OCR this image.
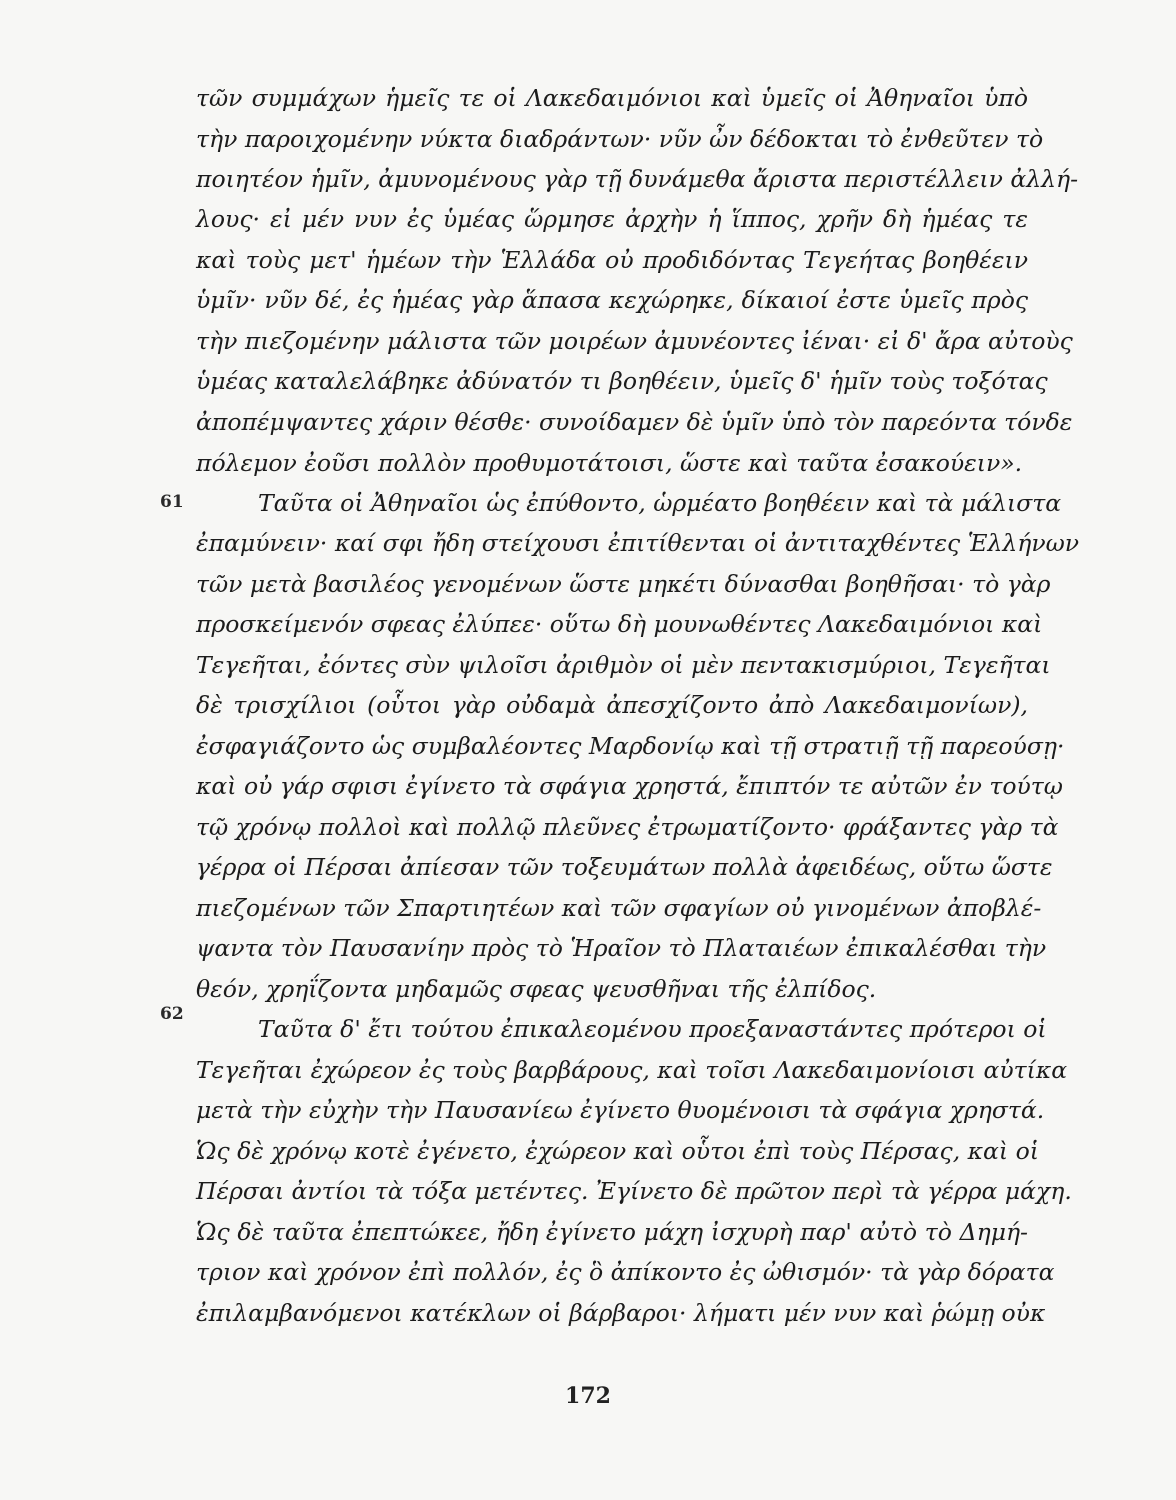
τῶν συμμάχων ἡμεῖς τε οἱ Λακεδαιμόνιοι καὶ ὑμεῖς οἱ Ἀθηναῖοι ὑπὸ
τὴν παροιχομένην νύκτα διαδράντων· νῦν ὦν δέδοκται τὸ ἐνθεῦτεν τὸ
ποιητέον ἡμῖν, ἀμυνομένους γὰρ τῇ δυνάμεθα ἄριστα περιστέλλειν ἀλλή-
λους· εἰ μέν νυν ἐς ὑμέας ὥρμησε ἀρχὴν ἡ ἵππος, χρῆν δὴ ἡμέας τε
καὶ τοὺς μετ' ἡμέων τὴν Ἑλλάδα οὐ προδιδόντας Τεγεήτας βοηθέειν
ὑμῖν· νῦν δέ, ἐς ἡμέας γὰρ ἅπασα κεχώρηκε, δίκαιοί ἐστε ὑμεῖς πρὸς
τὴν πιεζομένην μάλιστα τῶν μοιρέων ἀμυνέοντες ἰέναι· εἰ δ' ἄρα αὐτοὺς
ὑμέας καταλελάβηκε ἀδύνατόν τι βοηθέειν, ὑμεῖς δ' ἡμῖν τοὺς τοξότας
ἀποπέμψαντες χάριν θέσθε· συνοίδαμεν δὲ ὑμῖν ὑπὸ τὸν παρεόντα τόνδε
πόλεμον ἐοῦσι πολλὸν προθυμοτάτοισι, ὥστε καὶ ταῦτα ἐσακούειν».
61	Ταῦτα οἱ Ἀθηναῖοι ὡς ἐπύθοντο, ὡρμέατο βοηθέειν καὶ τὰ μάλιστα
ἐπαμύνειν· καί σφι ἤδη στείχουσι ἐπιτίθενται οἱ ἀντιταχθέντες Ἑλλήνων
τῶν μετὰ βασιλέος γενομένων ὥστε μηκέτι δύνασθαι βοηθῆσαι· τὸ γὰρ
προσκείμενόν σφεας ἐλύπεε· οὕτω δὴ μουνωθέντες Λακεδαιμόνιοι καὶ
Τεγεῆται, ἐόντες σὺν ψιλοῖσι ἀριθμὸν οἱ μὲν πεντακισμύριοι, Τεγεῆται
δὲ τρισχίλιοι (οὗτοι γὰρ οὐδαμὰ ἀπεσχίζοντο ἀπὸ Λακεδαιμονίων),
ἐσφαγιάζοντο ὡς συμβαλέοντες Μαρδονίῳ καὶ τῇ στρατιῇ τῇ παρεούσῃ·
καὶ οὐ γάρ σφισι ἐγίνετο τὰ σφάγια χρηστά, ἔπιπτόν τε αὐτῶν ἐν τούτῳ
τῷ χρόνῳ πολλοὶ καὶ πολλῷ πλεῦνες ἐτρωματίζοντο· φράξαντες γὰρ τὰ
γέρρα οἱ Πέρσαι ἀπίεσαν τῶν τοξευμάτων πολλὰ ἀφειδέως, οὕτω ὥστε
πιεζομένων τῶν Σπαρτιητέων καὶ τῶν σφαγίων οὐ γινομένων ἀποβλέ-
ψαντα τὸν Παυσανίην πρὸς τὸ Ἡραῖον τὸ Πλαταιέων ἐπικαλέσθαι τὴν
θεόν, χρηΐζοντα μηδαμῶς σφεας ψευσθῆναι τῆς ἐλπίδος.
62
Ταῦτα δ' ἔτι τούτου ἐπικαλεομένου προεξαναστάντες πρότεροι οἱ
Τεγεῆται ἐχώρεον ἐς τοὺς βαρβάρους, καὶ τοῖσι Λακεδαιμονίοισι αὐτίκα
μετὰ τὴν εὐχὴν τὴν Παυσανίεω ἐγίνετο θυομένοισι τὰ σφάγια χρηστά.
Ὡς δὲ χρόνῳ κοτὲ ἐγένετο, ἐχώρεον καὶ οὗτοι ἐπὶ τοὺς Πέρσας, καὶ οἱ
Πέρσαι ἀντίοι τὰ τόξα μετέντες. Ἐγίνετο δὲ πρῶτον περὶ τὰ γέρρα μάχη.
Ὡς δὲ ταῦτα ἐπεπτώκεε, ἤδη ἐγίνετο μάχη ἰσχυρὴ παρ' αὐτὸ τὸ Δημή-
τριον καὶ χρόνον ἐπὶ πολλόν, ἐς ὃ ἀπίκοντο ἐς ὠθισμόν· τὰ γὰρ δόρατα
ἐπιλαμβανόμενοι κατέκλων οἱ βάρβαροι· λήματι μέν νυν καὶ ῥώμῃ οὐκ
172
